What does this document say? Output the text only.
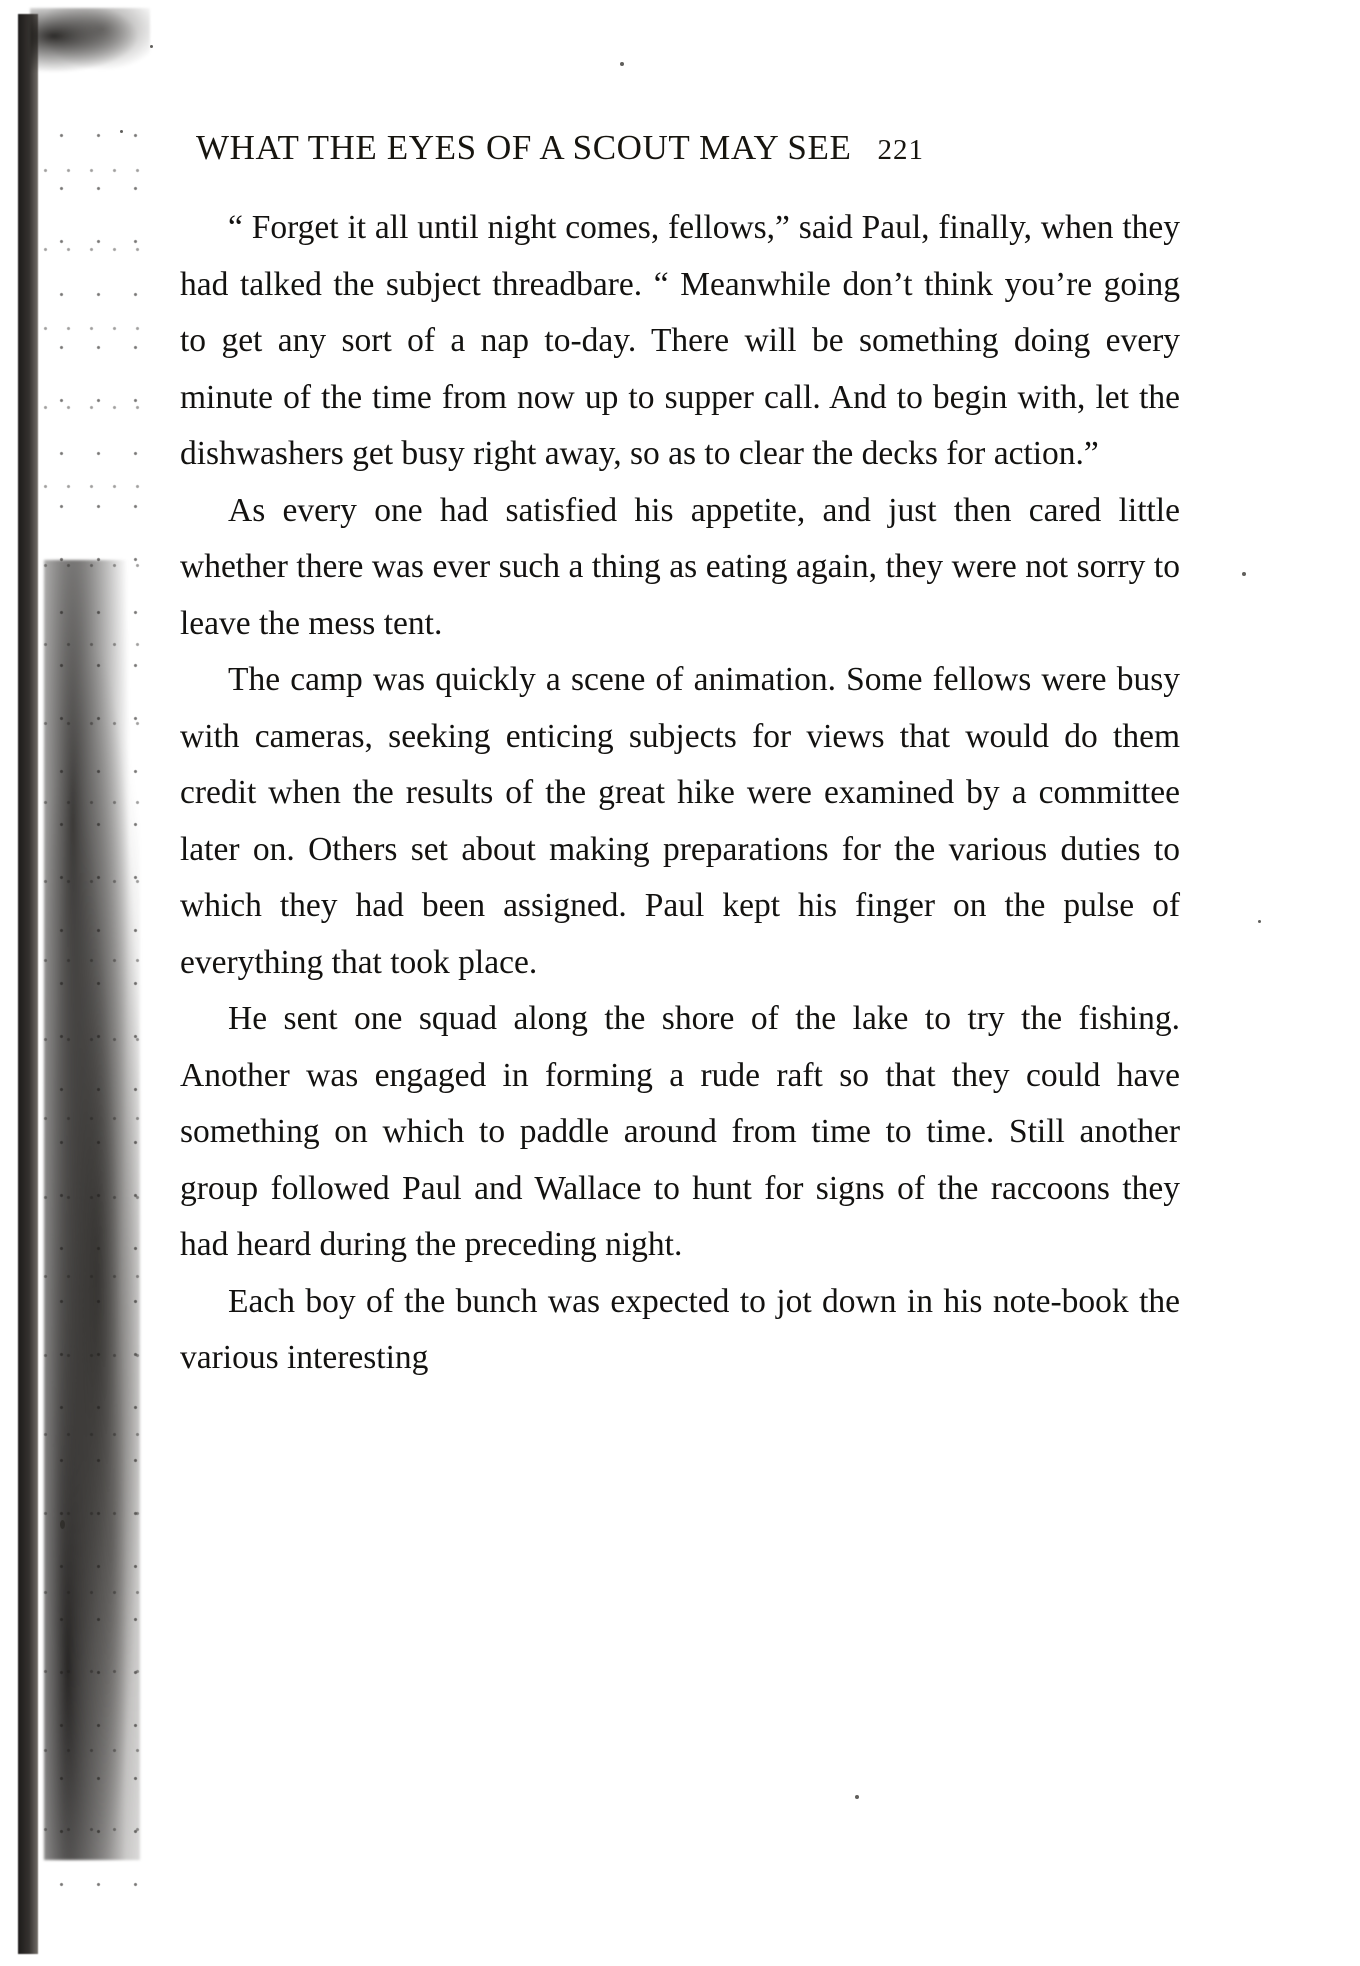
WHAT THE EYES OF A SCOUT MAY SEE 221

“ Forget it all until night comes, fellows,” said Paul, finally, when they had talked the subject threadbare. “ Meanwhile don’t think you’re going to get any sort of a nap to-day. There will be something doing every minute of the time from now up to supper call. And to begin with, let the dishwashers get busy right away, so as to clear the decks for action.”

As every one had satisfied his appetite, and just then cared little whether there was ever such a thing as eating again, they were not sorry to leave the mess tent.

The camp was quickly a scene of animation. Some fellows were busy with cameras, seeking enticing subjects for views that would do them credit when the results of the great hike were examined by a committee later on. Others set about making preparations for the various duties to which they had been assigned. Paul kept his finger on the pulse of everything that took place.

He sent one squad along the shore of the lake to try the fishing. Another was engaged in forming a rude raft so that they could have something on which to paddle around from time to time. Still another group followed Paul and Wallace to hunt for signs of the raccoons they had heard during the preceding night.

Each boy of the bunch was expected to jot down in his note-book the various interesting
